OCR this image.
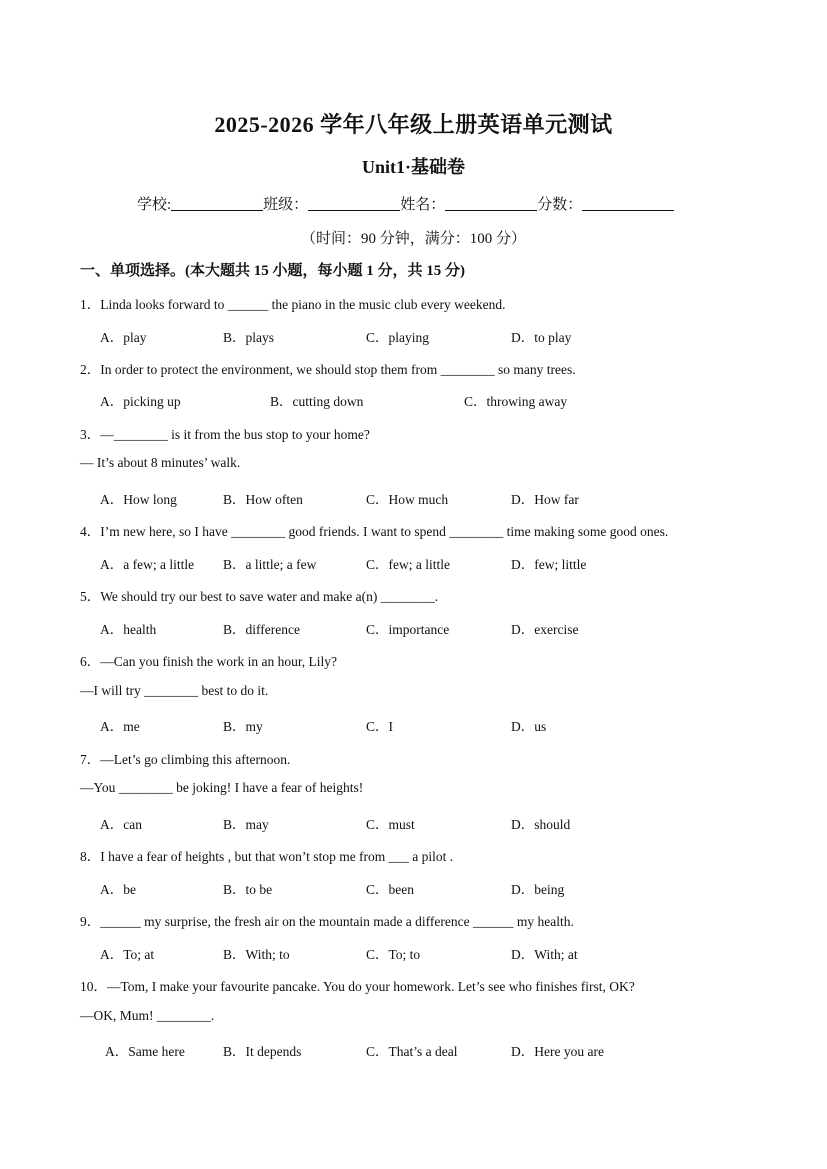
2025-2026 学年八年级上册英语单元测试
Unit1·基础卷
学校:	班级：	姓名：	分数：
（时间：90 分钟，满分：100 分）
一、单项选择。(本大题共 15 小题，每小题 1 分，共 15 分)
1．Linda looks forward to ______ the piano in the music club every weekend.
A．play	B．plays	C．playing	D．to play
2．In order to protect the environment, we should stop them from ________ so many trees.
A．picking up	B．cutting down	C．throwing away
3．—________ is it from the bus stop to your home?
— It’s about 8 minutes’ walk.
A．How long	B．How often	C．How much	D．How far
4．I’m new here, so I have ________ good friends. I want to spend ________ time making some good ones.
A．a few; a little B．a little; a few	C．few; a little	D．few; little
5．We should try our best to save water and make a(n) ________.
A．health	B．difference	C．importance	D．exercise
6．—Can you finish the work in an hour, Lily?
—I will try ________ best to do it.
A．me	B．my	C．I	D．us
7．—Let’s go climbing this afternoon.
—You ________ be joking! I have a fear of heights!
A．can	B．may	C．must	D．should
8．I have a fear of heights , but that won’t stop me from ___ a pilot .
A．be	B．to be	C．been	D．being
9．______ my surprise, the fresh air on the mountain made a difference ______ my health.
A．To; at	B．With; to	C．To; to	D．With; at
10．—Tom, I make your favourite pancake. You do your homework. Let’s see who finishes first, OK?
—OK, Mum! ________.
A．Same here	B．It depends	C．That’s a deal	D．Here you are
